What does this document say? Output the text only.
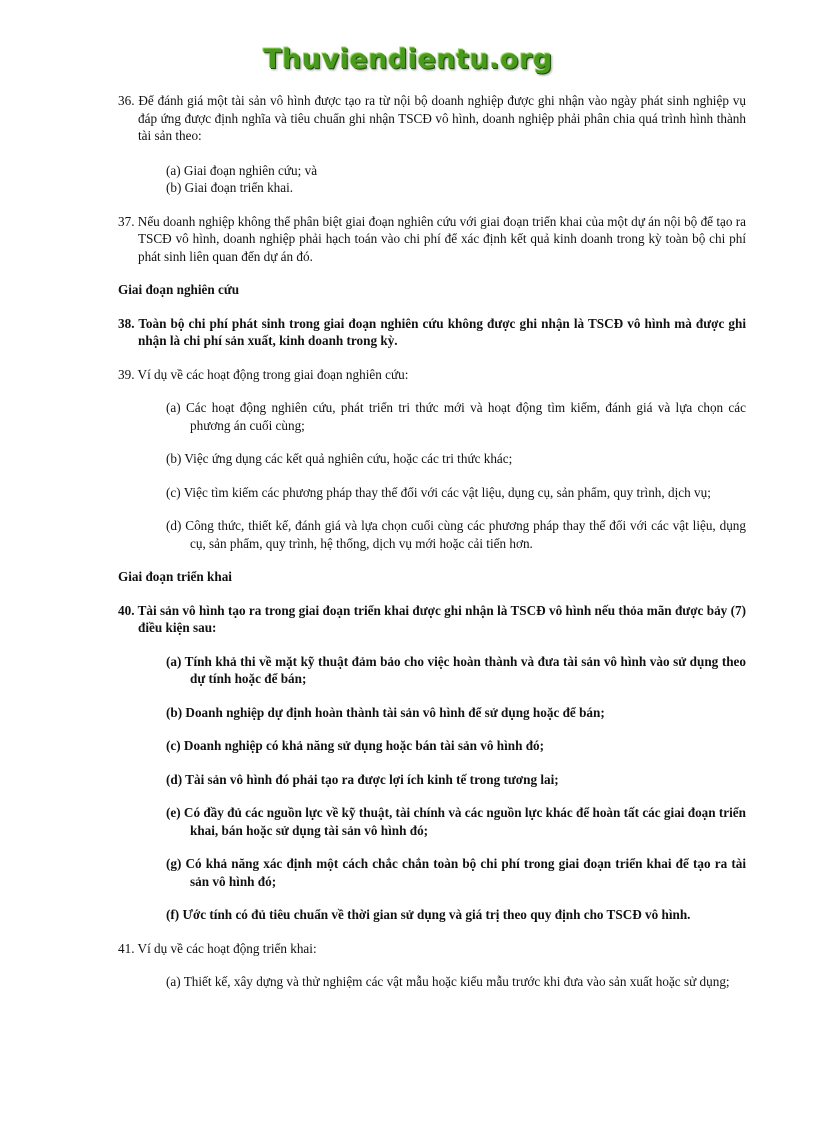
Thuviendientu.org
36. Để đánh giá một tài sản vô hình được tạo ra từ nội bộ doanh nghiệp được ghi nhận vào ngày phát sinh nghiệp vụ đáp ứng được định nghĩa và tiêu chuẩn ghi nhận TSCĐ vô hình, doanh nghiệp phải phân chia quá trình hình thành tài sản theo:
(a) Giai đoạn nghiên cứu; và
(b) Giai đoạn triển khai.
37. Nếu doanh nghiệp không thể phân biệt giai đoạn nghiên cứu với giai đoạn triển khai của một dự án nội bộ để tạo ra TSCĐ vô hình, doanh nghiệp phải hạch toán vào chi phí để xác định kết quả kinh doanh trong kỳ toàn bộ chi phí phát sinh liên quan đến dự án đó.
Giai đoạn nghiên cứu
38. Toàn bộ chi phí phát sinh trong giai đoạn nghiên cứu không được ghi nhận là TSCĐ vô hình mà được ghi nhận là chi phí sản xuất, kinh doanh trong kỳ.
39. Ví dụ về các hoạt động trong giai đoạn nghiên cứu:
(a) Các hoạt động nghiên cứu, phát triển tri thức mới và hoạt động tìm kiếm, đánh giá và lựa chọn các phương án cuối cùng;
(b) Việc ứng dụng các kết quả nghiên cứu, hoặc các tri thức khác;
(c) Việc tìm kiếm các phương pháp thay thế đối với các vật liệu, dụng cụ, sản phẩm, quy trình, dịch vụ;
(d) Công thức, thiết kế, đánh giá và lựa chọn cuối cùng các phương pháp thay thế đối với các vật liệu, dụng cụ, sản phẩm, quy trình, hệ thống, dịch vụ mới hoặc cải tiến hơn.
Giai đoạn triển khai
40. Tài sản vô hình tạo ra trong giai đoạn triển khai được ghi nhận là TSCĐ vô hình nếu thỏa mãn được bảy (7) điều kiện sau:
(a) Tính khả thi về mặt kỹ thuật đảm bảo cho việc hoàn thành và đưa tài sản vô hình vào sử dụng theo dự tính hoặc để bán;
(b) Doanh nghiệp dự định hoàn thành tài sản vô hình để sử dụng hoặc để bán;
(c) Doanh nghiệp có khả năng sử dụng hoặc bán tài sản vô hình đó;
(d) Tài sản vô hình đó phải tạo ra được lợi ích kinh tế trong tương lai;
(e) Có đầy đủ các nguồn lực về kỹ thuật, tài chính và các nguồn lực khác để hoàn tất các giai đoạn triển khai, bán hoặc sử dụng tài sản vô hình đó;
(g) Có khả năng xác định một cách chắc chắn toàn bộ chi phí trong giai đoạn triển khai để tạo ra tài sản vô hình đó;
(f) Ước tính có đủ tiêu chuẩn về thời gian sử dụng và giá trị theo quy định cho TSCĐ vô hình.
41. Ví dụ về các hoạt động triển khai:
(a) Thiết kế, xây dựng và thử nghiệm các vật mẫu hoặc kiểu mẫu trước khi đưa vào sản xuất hoặc sử dụng;
